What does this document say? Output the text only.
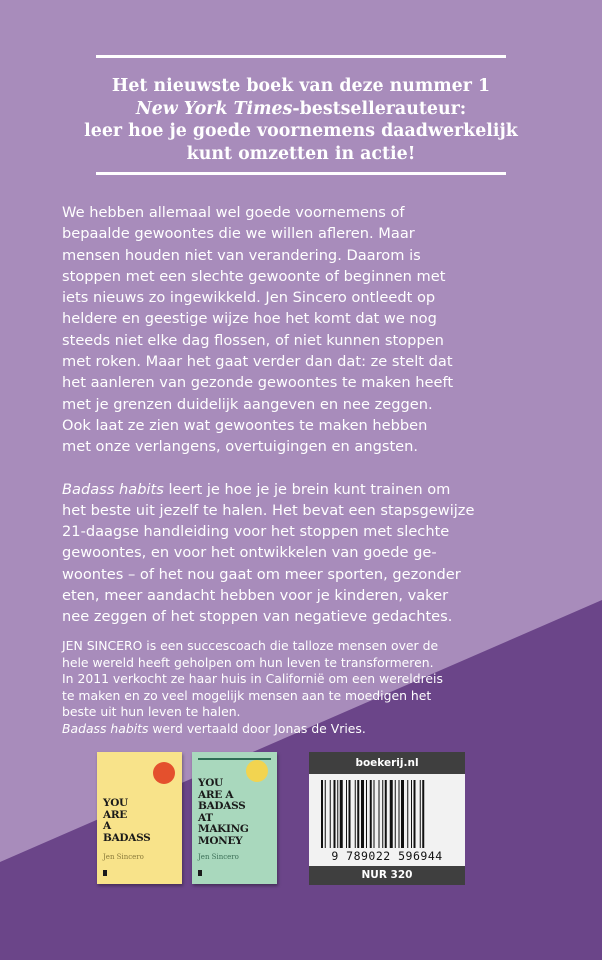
Het nieuwste boek van deze nummer 1
New York Times-bestsellerauteur:
leer hoe je goede voornemens daadwerkelijk
kunt omzetten in actie!

We hebben allemaal wel goede voornemens of
bepaalde gewoontes die we willen afleren. Maar
mensen houden niet van verandering. Daarom is
stoppen met een slechte gewoonte of beginnen met
iets nieuws zo ingewikkeld. Jen Sincero ontleedt op
heldere en geestige wijze hoe het komt dat we nog
steeds niet elke dag flossen, of niet kunnen stoppen
met roken. Maar het gaat verder dan dat: ze stelt dat
het aanleren van gezonde gewoontes te maken heeft
met je grenzen duidelijk aangeven en nee zeggen.
Ook laat ze zien wat gewoontes te maken hebben
met onze verlangens, overtuigingen en angsten.

Badass habits leert je hoe je je brein kunt trainen om
het beste uit jezelf te halen. Het bevat een stapsgewijze
21-daagse handleiding voor het stoppen met slechte
gewoontes, en voor het ontwikkelen van goede ge-
woontes – of het nou gaat om meer sporten, gezonder
eten, meer aandacht hebben voor je kinderen, vaker
nee zeggen of het stoppen van negatieve gedachtes.

JEN SINCERO is een succescoach die talloze mensen over de
hele wereld heeft geholpen om hun leven te transformeren.
In 2011 verkocht ze haar huis in Californië om een wereldreis
te maken en zo veel mogelijk mensen aan te moedigen het
beste uit hun leven te halen.
Badass habits werd vertaald door Jonas de Vries.

YOU
ARE
A
BADASS
Jen Sincero
YOU
ARE A
BADASS
AT
MAKING
MONEY
Jen Sincero
boekerij.nl
9 789022 596944
NUR 320
